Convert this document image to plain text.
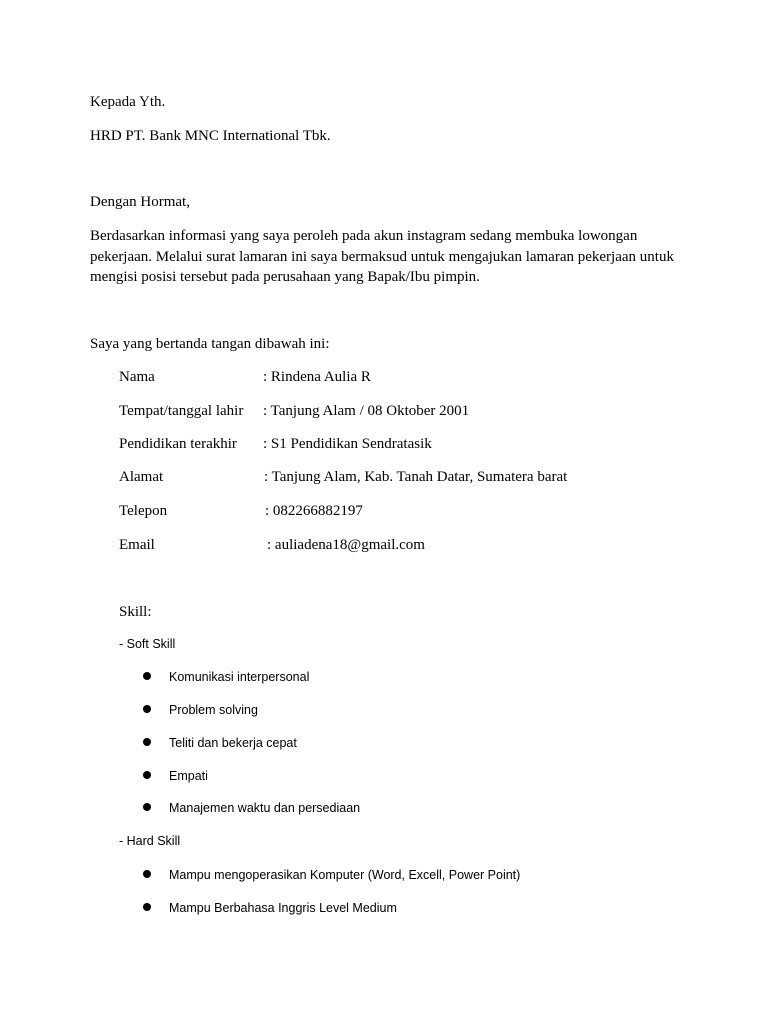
Kepada Yth.
HRD PT. Bank MNC International Tbk.
Dengan Hormat,
Berdasarkan informasi yang saya peroleh pada akun instagram sedang membuka lowongan
pekerjaan. Melalui surat lamaran ini saya bermaksud untuk mengajukan lamaran pekerjaan untuk
mengisi posisi tersebut pada perusahaan yang Bapak/Ibu pimpin.
Saya yang bertanda tangan dibawah ini:
Nama	: Rindena Aulia R
Tempat/tanggal lahir : Tanjung Alam / 08 Oktober 2001
Pendidikan terakhir : S1 Pendidikan Sendratasik
Alamat	: Tanjung Alam, Kab. Tanah Datar, Sumatera barat
Telepon	: 082266882197
Email	: auliadena18@gmail.com
Skill:
- Soft Skill
Komunikasi interpersonal
Problem solving
Teliti dan bekerja cepat
Empati
Manajemen waktu dan persediaan
- Hard Skill
Mampu mengoperasikan Komputer (Word, Excell, Power Point)
Mampu Berbahasa Inggris Level Medium
